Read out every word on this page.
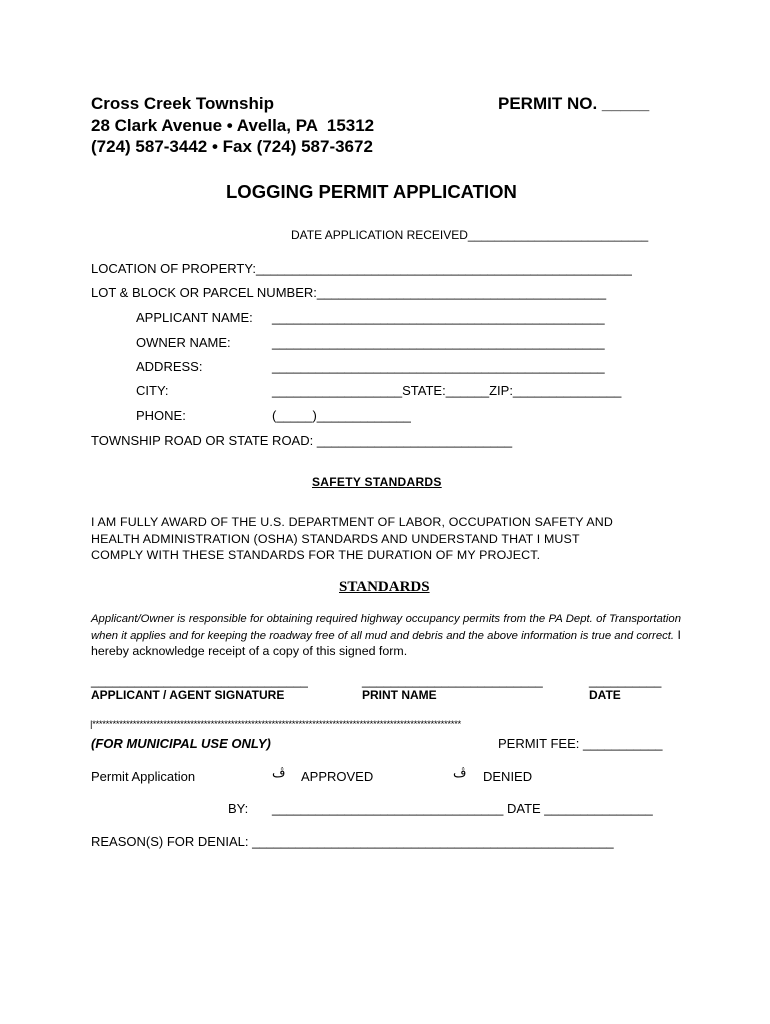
Cross Creek Township
28 Clark Avenue • Avella, PA  15312
(724) 587-3442 • Fax (724) 587-3672
PERMIT NO. _____
LOGGING PERMIT APPLICATION
DATE APPLICATION RECEIVED___________________________
LOCATION OF PROPERTY:____________________________________________________
LOT & BLOCK OR PARCEL NUMBER:________________________________________
APPLICANT NAME: ______________________________________________
OWNER NAME:	______________________________________________
ADDRESS:	______________________________________________
CITY:	__________________STATE:______ZIP:_______________
PHONE:	(_____)_____________
TOWNSHIP ROAD OR STATE ROAD: ___________________________
SAFETY STANDARDS
I AM FULLY AWARD OF THE U.S. DEPARTMENT OF LABOR, OCCUPATION SAFETY AND
HEALTH ADMINISTRATION (OSHA) STANDARDS AND UNDERSTAND THAT I MUST
COMPLY WITH THESE STANDARDS FOR THE DURATION OF MY PROJECT.
STANDARDS
Applicant/Owner is responsible for obtaining required highway occupancy permits from the PA Dept. of Transportation when it applies and for keeping the roadway free of all mud and debris and the above information is true and correct. I hereby acknowledge receipt of a copy of this signed form.
______________________________	_________________________	__________
APPLICANT / AGENT SIGNATURE	PRINT NAME	DATE
|*************************************************************************************************************
(FOR MUNICIPAL USE ONLY)	PERMIT FEE: ___________
Permit Application	ڤ APPROVED	ڤ DENIED
BY: ________________________________ DATE _______________
REASON(S) FOR DENIAL: __________________________________________________
